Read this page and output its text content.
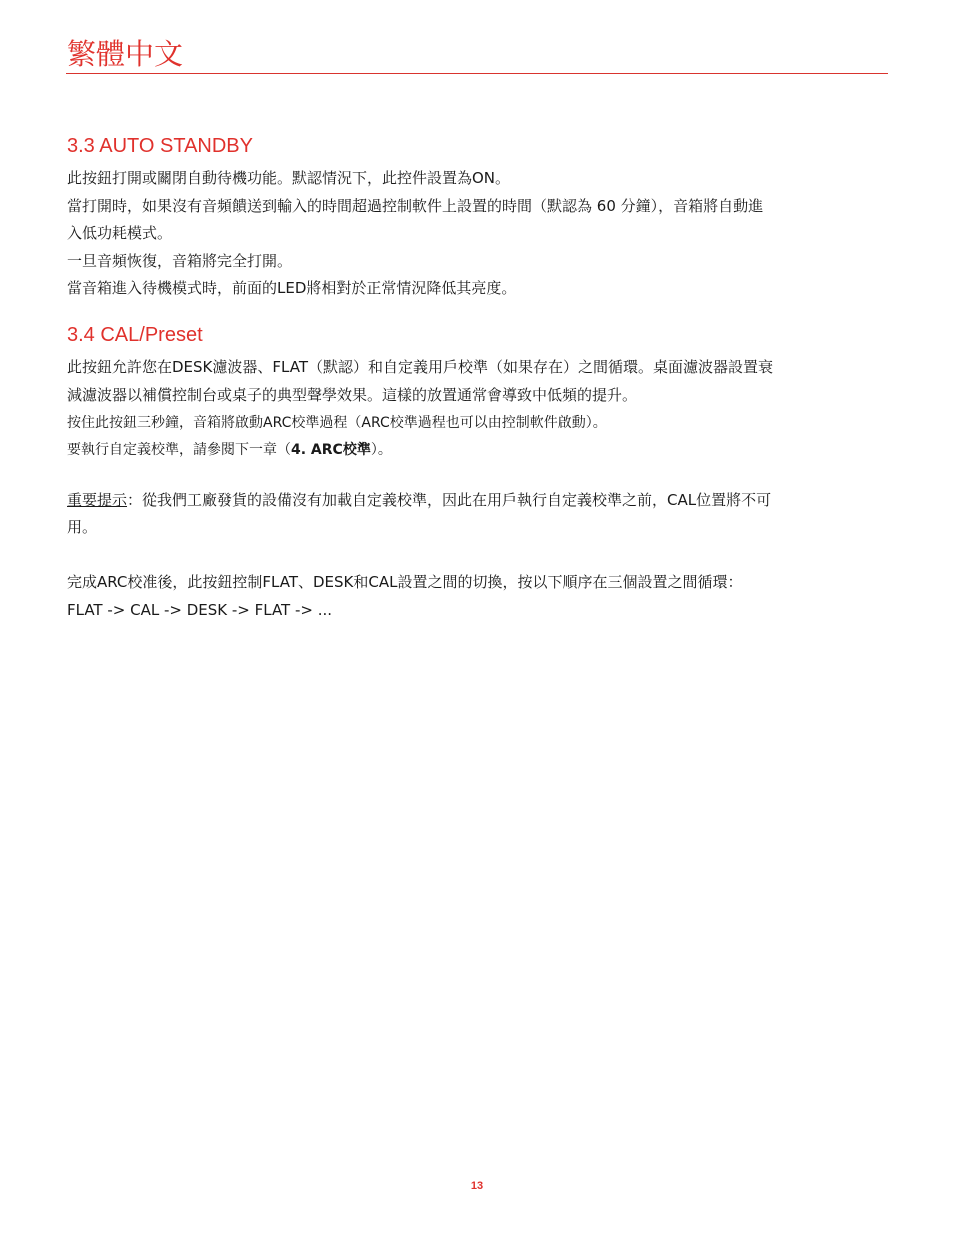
繁體中文
3.3 AUTO STANDBY

此按鈕打開或關閉自動待機功能。默認情況下，此控件設置為ON。

當打開時，如果沒有音頻饋送到輸入的時間超過控制軟件上設置的時間（默認為 60 分鐘），音箱將自動進

入低功耗模式。

一旦音頻恢復，音箱將完全打開。

當音箱進入待機模式時，前面的LED將相對於正常情況降低其亮度。

3.4 CAL/Preset

此按鈕允許您在DESK濾波器、FLAT（默認）和自定義用戶校準（如果存在）之間循環。桌面濾波器設置衰

減濾波器以補償控制台或桌子的典型聲學效果。這樣的放置通常會導致中低頻的提升。

按住此按鈕三秒鐘，音箱將啟動ARC校準過程（ARC校準過程也可以由控制軟件啟動）。

要執行自定義校準，請參閱下一章（4. ARC校準）。

重要提示：從我們工廠發貨的設備沒有加載自定義校準，因此在用戶執行自定義校準之前，CAL位置將不可

用。

完成ARC校准後，此按鈕控制FLAT、DESK和CAL設置之間的切換，按以下順序在三個設置之間循環：

FLAT -> CAL -> DESK -> FLAT -> ...

13
